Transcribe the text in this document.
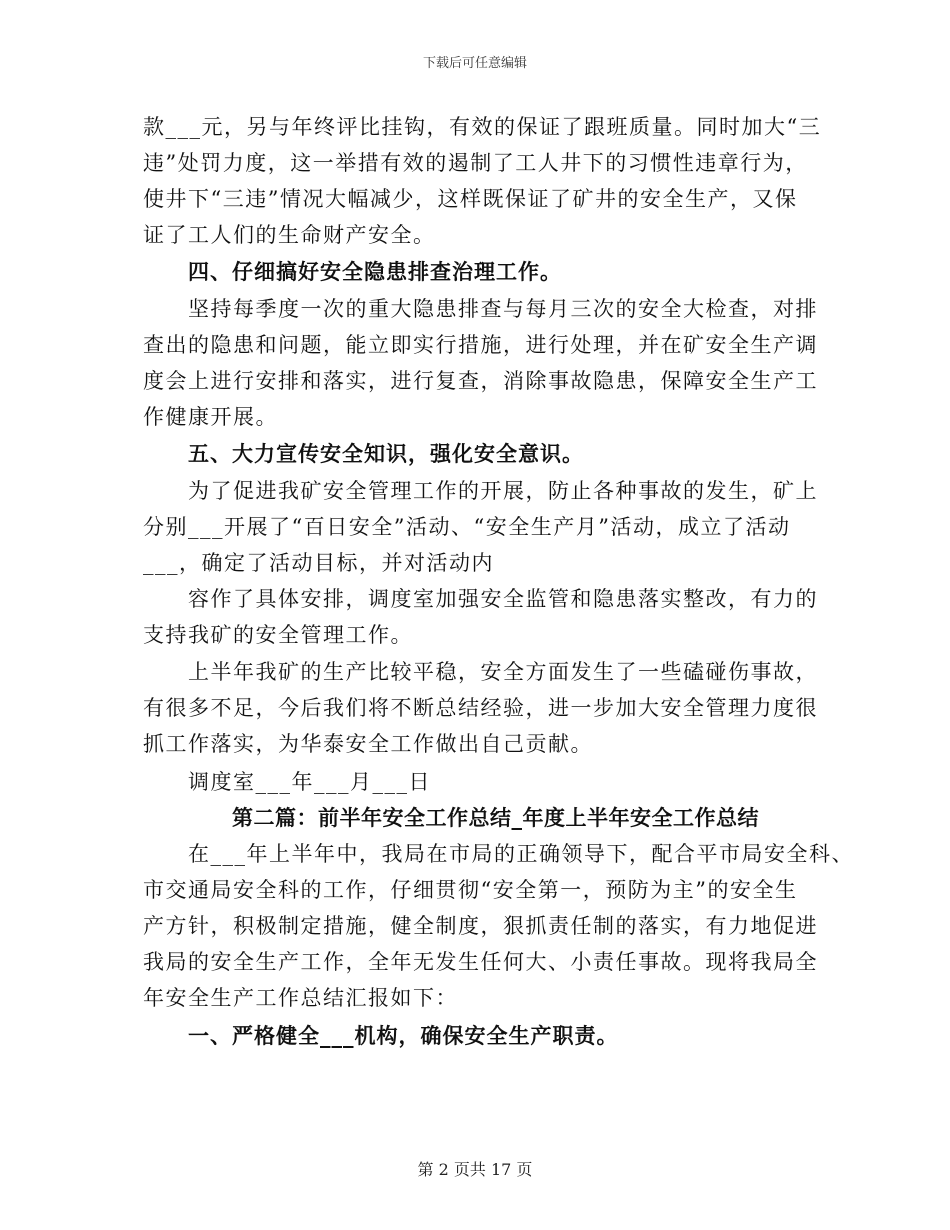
下载后可任意编辑
款___元，另与年终评比挂钩，有效的保证了跟班质量。同时加大“三
违”处罚力度，这一举措有效的遏制了工人井下的习惯性违章行为，
使井下“三违”情况大幅减少，这样既保证了矿井的安全生产，又保
证了工人们的生命财产安全。
四、仔细搞好安全隐患排查治理工作。
坚持每季度一次的重大隐患排查与每月三次的安全大检查，对排
查出的隐患和问题，能立即实行措施，进行处理，并在矿安全生产调
度会上进行安排和落实，进行复查，消除事故隐患，保障安全生产工
作健康开展。
五、大力宣传安全知识，强化安全意识。
为了促进我矿安全管理工作的开展，防止各种事故的发生，矿上
分别___开展了“百日安全”活动、“安全生产月”活动，成立了活动
___，确定了活动目标，并对活动内
容作了具体安排，调度室加强安全监管和隐患落实整改，有力的
支持我矿的安全管理工作。
上半年我矿的生产比较平稳，安全方面发生了一些磕碰伤事故，
有很多不足，今后我们将不断总结经验，进一步加大安全管理力度很
抓工作落实，为华泰安全工作做出自己贡献。
调度室___年___月___日
第二篇：前半年安全工作总结_年度上半年安全工作总结
在___年上半年中，我局在市局的正确领导下，配合平市局安全科、
市交通局安全科的工作，仔细贯彻“安全第一，预防为主”的安全生
产方针，积极制定措施，健全制度，狠抓责任制的落实，有力地促进
我局的安全生产工作，全年无发生任何大、小责任事故。现将我局全
年安全生产工作总结汇报如下：
一、严格健全___机构，确保安全生产职责。
第 2 页共 17 页
